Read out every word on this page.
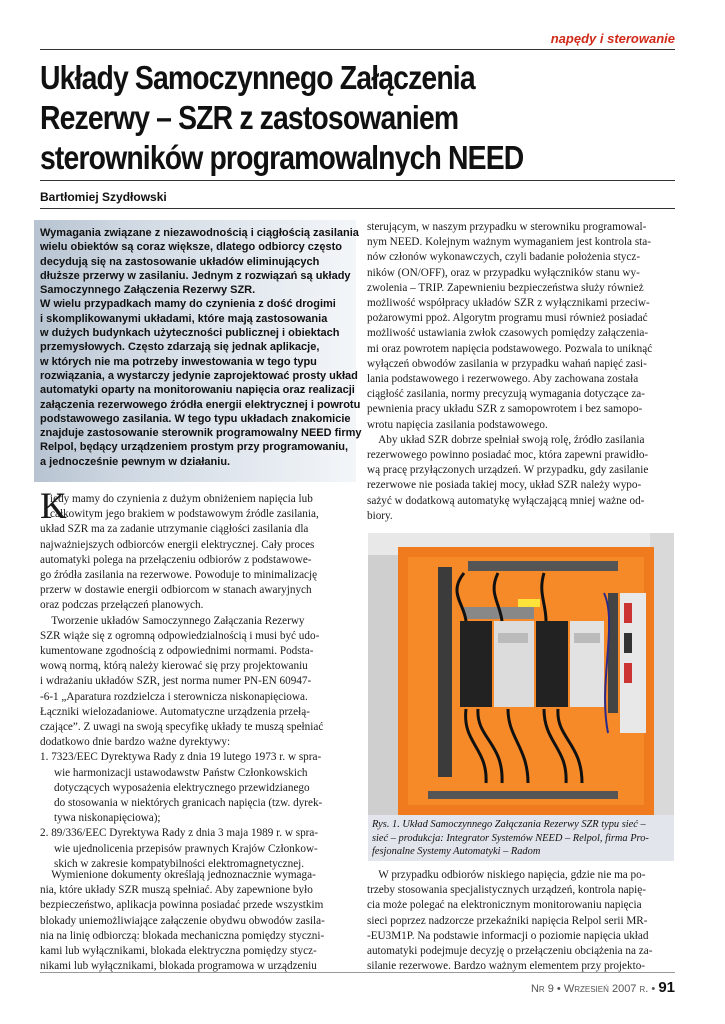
napędy i sterowanie
Układy Samoczynnego Załączenia
Rezerwy – SZR z zastosowaniem
sterowników programowalnych NEED
Bartłomiej Szydłowski

Wymagania związane z niezawodnością i ciągłością zasilania
wielu obiektów są coraz większe, dlatego odbiorcy często
decydują się na zastosowanie układów eliminujących
dłuższe przerwy w zasilaniu. Jednym z rozwiązań są układy
Samoczynnego Załączenia Rezerwy SZR.
W wielu przypadkach mamy do czynienia z dość drogimi
i skomplikowanymi układami, które mają zastosowania
w dużych budynkach użyteczności publicznej i obiektach
przemysłowych. Często zdarzają się jednak aplikacje,
w których nie ma potrzeby inwestowania w tego typu
rozwiązania, a wystarczy jedynie zaprojektować prosty układ
automatyki oparty na monitorowaniu napięcia oraz realizacji
załączenia rezerwowego źródła energii elektrycznej i powrotu
podstawowego zasilania. W tego typu układach znakomicie
znajduje zastosowanie sterownik programowalny NEED firmy
Relpol, będący urządzeniem prostym przy programowaniu,
a jednocześnie pewnym w działaniu.

K

iedy mamy do czynienia z dużym obniżeniem napięcia lub
całkowitym jego brakiem w podstawowym źródle zasilania,
układ SZR ma za zadanie utrzymanie ciągłości zasilania dla
najważniejszych odbiorców energii elektrycznej. Cały proces
automatyki polega na przełączeniu odbiorów z podstawowe-
go źródła zasilania na rezerwowe. Powoduje to minimalizację
przerw w dostawie energii odbiorcom w stanach awaryjnych
oraz podczas przełączeń planowych.
Tworzenie układów Samoczynnego Załączania Rezerwy
SZR wiąże się z ogromną odpowiedzialnością i musi być udo-
kumentowane zgodnością z odpowiednimi normami. Podsta-
wową normą, którą należy kierować się przy projektowaniu
i wdrażaniu układów SZR, jest norma numer PN-EN 60947-
-6-1 „Aparatura rozdzielcza i sterownicza niskonapięciowa.
Łączniki wielozadaniowe. Automatyczne urządzenia przełą-
czające”. Z uwagi na swoją specyfikę układy te muszą spełniać
dodatkowo dnie bardzo ważne dyrektywy:
1. 7323/EEC Dyrektywa Rady z dnia 19 lutego 1973 r. w spra-
wie harmonizacji ustawodawstw Państw Członkowskich
dotyczących wyposażenia elektrycznego przewidzianego
do stosowania w niektórych granicach napięcia (tzw. dyrek-
tywa niskonapięciowa);
2. 89/336/EEC Dyrektywa Rady z dnia 3 maja 1989 r. w spra-
wie ujednolicenia przepisów prawnych Krajów Członkow-
skich w zakresie kompatybilności elektromagnetycznej.

Wymienione dokumenty określają jednoznacznie wymaga-
nia, które układy SZR muszą spełniać. Aby zapewnione było
bezpieczeństwo, aplikacja powinna posiadać przede wszystkim
blokady uniemożliwiające załączenie obydwu obwodów zasila-
nia na linię odbiorczą: blokada mechaniczna pomiędzy styczni-
kami lub wyłącznikami, blokada elektryczna pomiędzy stycz-
nikami lub wyłącznikami, blokada programowa w urządzeniu

sterującym, w naszym przypadku w sterowniku programowal-
nym NEED. Kolejnym ważnym wymaganiem jest kontrola sta-
nów członów wykonawczych, czyli badanie położenia stycz-
ników (ON/OFF), oraz w przypadku wyłączników stanu wy-
zwolenia – TRIP. Zapewnieniu bezpieczeństwa służy również
możliwość współpracy układów SZR z wyłącznikami przeciw-
pożarowymi ppoż. Algorytm programu musi również posiadać
możliwość ustawiania zwłok czasowych pomiędzy załączenia-
mi oraz powrotem napięcia podstawowego. Pozwala to uniknąć
wyłączeń obwodów zasilania w przypadku wahań napięć zasi-
lania podstawowego i rezerwowego. Aby zachowana została
ciągłość zasilania, normy precyzują wymagania dotyczące za-
pewnienia pracy układu SZR z samopowrotem i bez samopo-
wrotu napięcia zasilania podstawowego.
Aby układ SZR dobrze spełniał swoją rolę, źródło zasilania
rezerwowego powinno posiadać moc, która zapewni prawidło-
wą pracę przyłączonych urządzeń. W przypadku, gdy zasilanie
rezerwowe nie posiada takiej mocy, układ SZR należy wypo-
sażyć w dodatkową automatykę wyłączającą mniej ważne od-
biory.

Rys. 1. Układ Samoczynnego Załączania Rezerwy SZR typu sieć –
sieć – produkcja: Integrator Systemów NEED – Relpol, firma Pro-
fesjonalne Systemy Automatyki – Radom

W przypadku odbiorów niskiego napięcia, gdzie nie ma po-
trzeby stosowania specjalistycznych urządzeń, kontrola napię-
cia może polegać na elektronicznym monitorowaniu napięcia
sieci poprzez nadzorcze przekaźniki napięcia Relpol serii MR-
-EU3M1P. Na podstawie informacji o poziomie napięcia układ
automatyki podejmuje decyzję o przełączeniu obciążenia na za-
silanie rezerwowe. Bardzo ważnym elementem przy projekto-

Nr 9 • Wrzesień 2007 r. • 91
